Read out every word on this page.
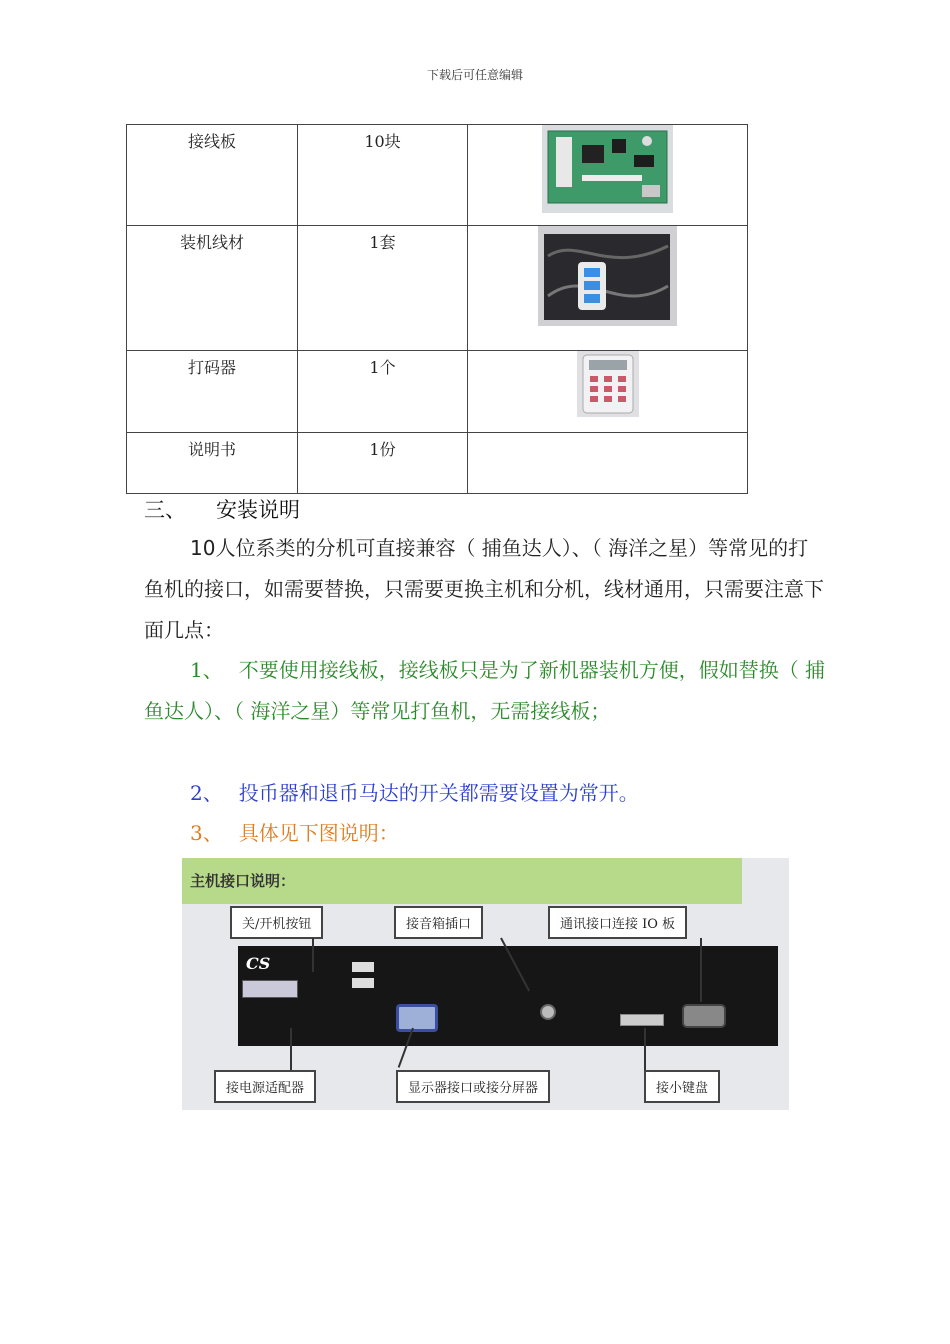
下载后可任意编辑
接线板	10块

装机线材	1套

打码器	1个

说明书	1份	

三、 安装说明
10人位系类的分机可直接兼容（ 捕鱼达人）、（ 海洋之星）等常见的打鱼机的接口，如需要替换，只需要更换主机和分机，线材通用，只需要注意下面几点：
1、 不要使用接线板，接线板只是为了新机器装机方便，假如替换（ 捕鱼达人）、（ 海洋之星）等常见打鱼机，无需接线板；
2、 投币器和退币马达的开关都需要设置为常开。
3、 具体见下图说明：
主机接口说明：
关/开机按钮	接音箱插口	通讯接口连接 IO 板
CS
接电源适配器	显示器接口或接分屏器	接小键盘
